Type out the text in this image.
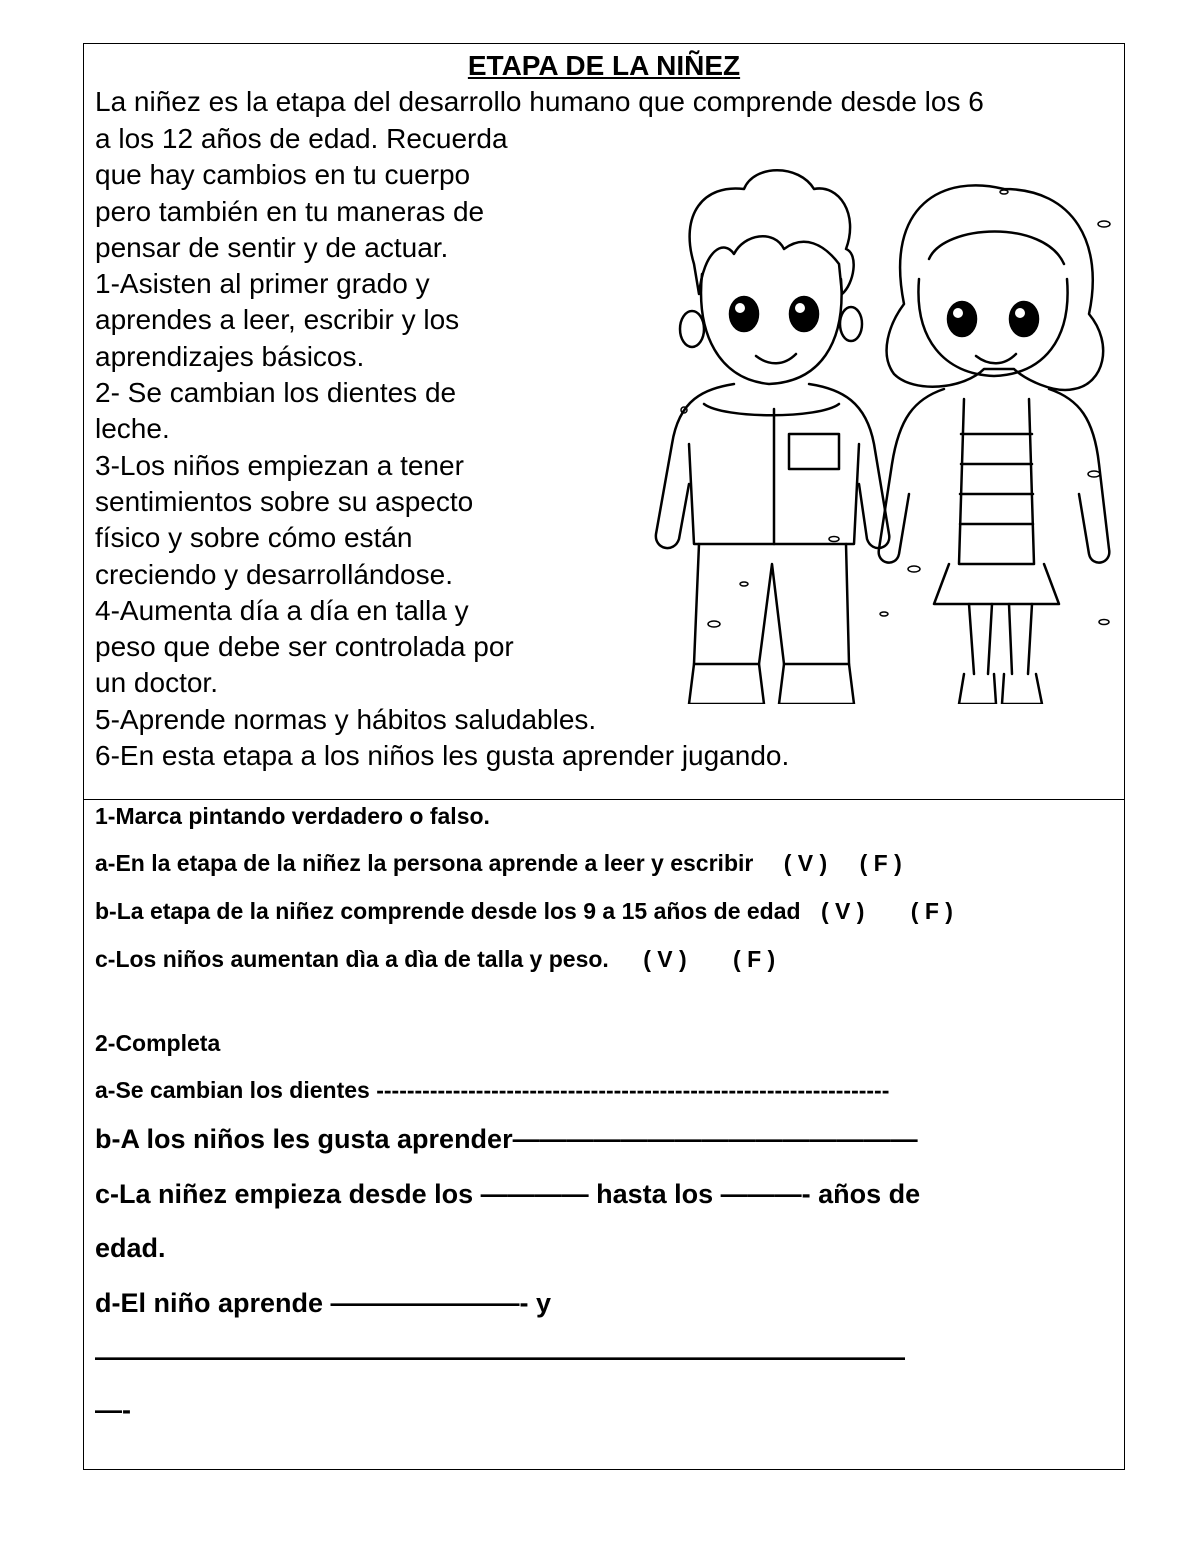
ETAPA DE LA NIÑEZ

La niñez es la etapa del desarrollo humano que comprende desde los 6

a los 12 años de edad. Recuerda
que hay cambios en tu cuerpo
pero también en tu maneras de
pensar de sentir y de actuar.
1-Asisten al primer grado y
aprendes a leer, escribir y los
aprendizajes básicos.
2- Se cambian los dientes de
leche.
3-Los niños empiezan a tener
sentimientos sobre su aspecto
físico y sobre cómo están
creciendo y desarrollándose.
4-Aumenta día a día en talla y
peso que debe ser controlada por
un doctor.
5-Aprende normas y hábitos saludables.
6-En esta etapa a los niños les gusta aprender jugando.

1-Marca pintando verdadero o falso.

a-En la etapa de la niñez la persona aprende a leer y escribir ( V ) ( F )

b-La etapa de la niñez comprende desde los 9 a 15 años de edad ( V ) ( F )

c-Los niños aumentan dìa a dìa de talla y peso. ( V ) ( F )

2-Completa

a-Se cambian los dientes -------------------------------------------------------------------

b-A los niños les gusta aprender———————————————

c-La niñez empieza desde los ———— hasta los ———- años de

edad.

d-El niño aprende ———————- y

——————————————————————————————

—-
